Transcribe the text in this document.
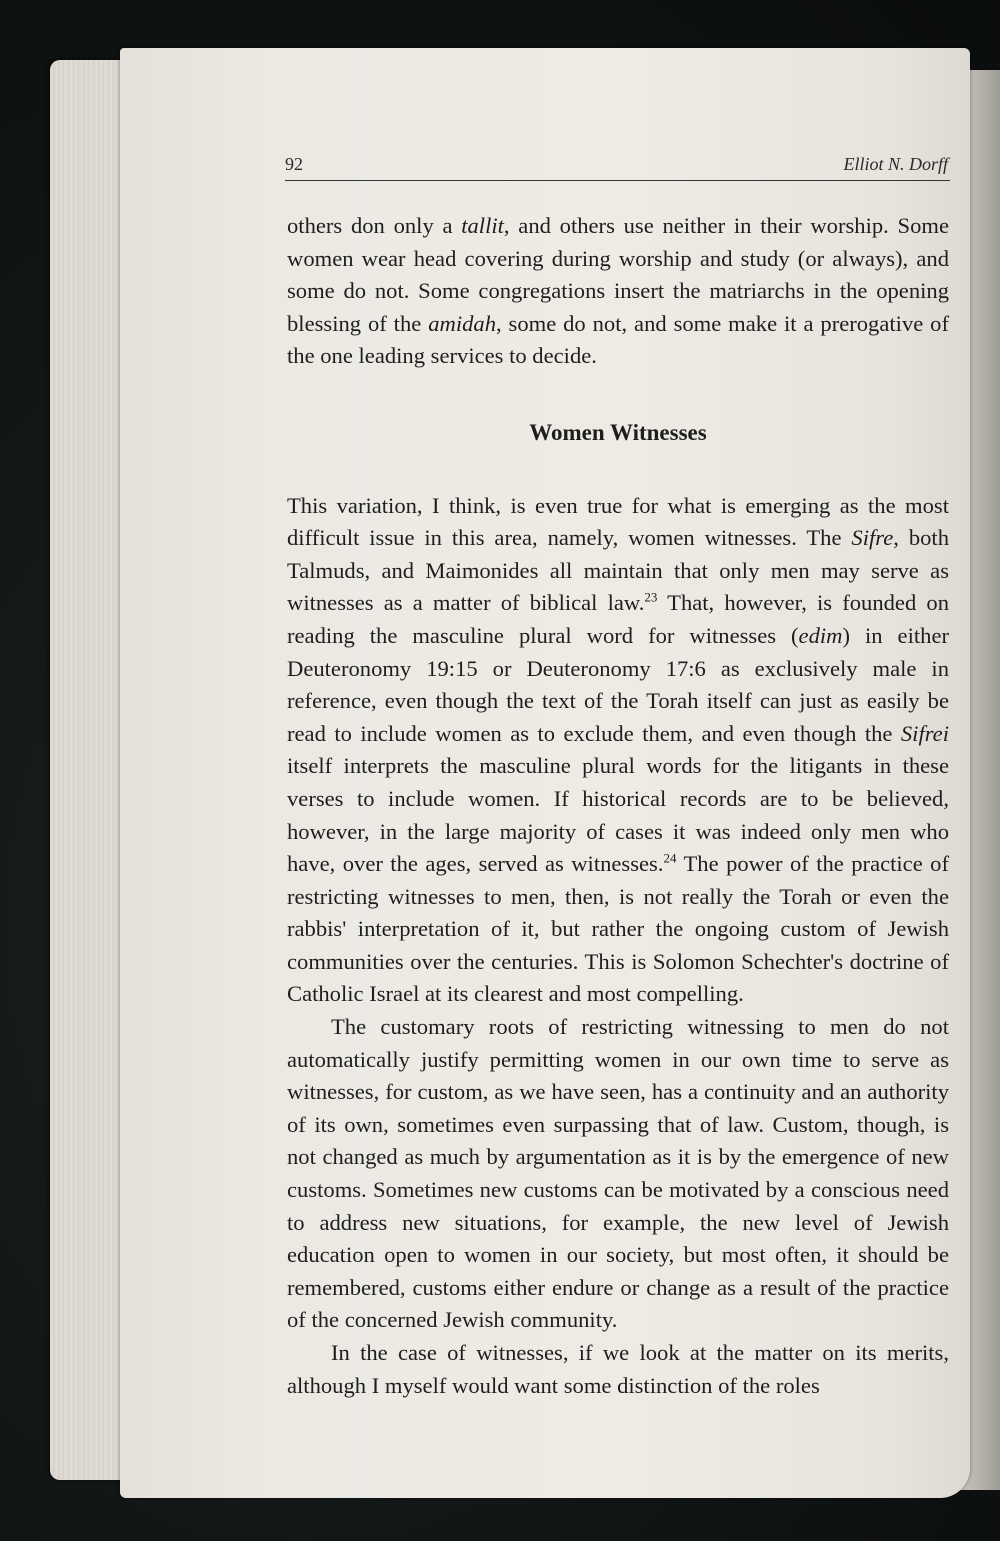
92	Elliot N. Dorff

others don only a tallit, and others use neither in their worship. Some women wear head covering during worship and study (or always), and some do not. Some congregations insert the matriarchs in the opening blessing of the amidah, some do not, and some make it a prerogative of the one leading services to decide.

Women Witnesses

This variation, I think, is even true for what is emerging as the most difficult issue in this area, namely, women witnesses. The Sifre, both Talmuds, and Maimonides all maintain that only men may serve as witnesses as a matter of biblical law.$^{23}$ That, however, is founded on reading the masculine plural word for witnesses (edim) in either Deuteronomy 19:15 or Deuteronomy 17:6 as exclusively male in reference, even though the text of the Torah itself can just as easily be read to include women as to exclude them, and even though the Sifrei itself interprets the masculine plural words for the litigants in these verses to include women. If historical records are to be believed, however, in the large majority of cases it was indeed only men who have, over the ages, served as witnesses.$^{24}$ The power of the practice of restricting witnesses to men, then, is not really the Torah or even the rabbis' interpretation of it, but rather the ongoing custom of Jewish communities over the centuries. This is Solomon Schechter's doctrine of Catholic Israel at its clearest and most compelling.

The customary roots of restricting witnessing to men do not automatically justify permitting women in our own time to serve as witnesses, for custom, as we have seen, has a continuity and an authority of its own, sometimes even surpassing that of law. Custom, though, is not changed as much by argumentation as it is by the emergence of new customs. Sometimes new customs can be motivated by a conscious need to address new situations, for example, the new level of Jewish education open to women in our society, but most often, it should be remembered, customs either endure or change as a result of the practice of the concerned Jewish community.

In the case of witnesses, if we look at the matter on its merits, although I myself would want some distinction of the roles
